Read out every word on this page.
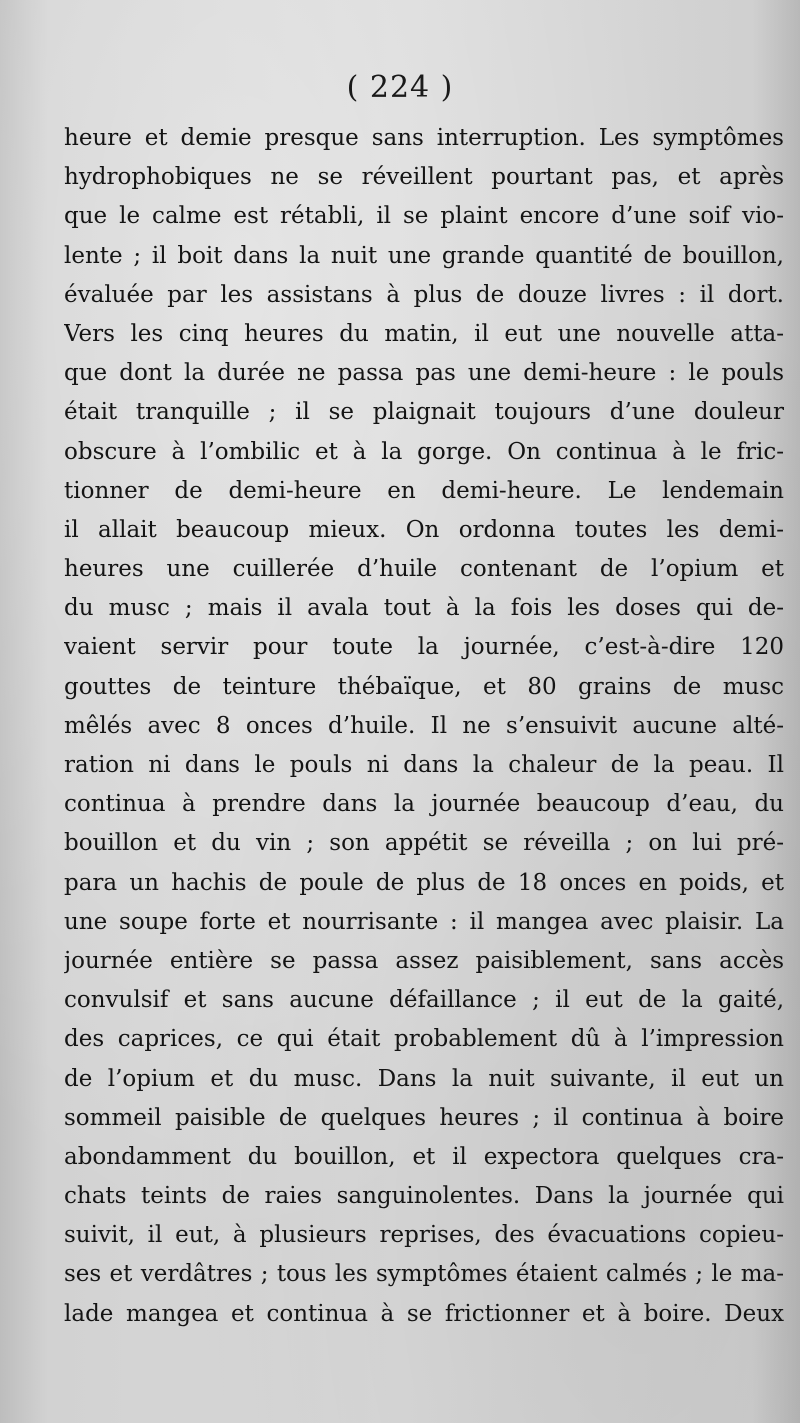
( 224 )
heure et demie presque sans interruption. Les symptômes
hydrophobiques ne se réveillent pourtant pas, et après
que le calme est rétabli, il se plaint encore d’une soif vio-
lente ; il boit dans la nuit une grande quantité de bouillon,
évaluée par les assistans à plus de douze livres : il dort.
Vers les cinq heures du matin, il eut une nouvelle atta-
que dont la durée ne passa pas une demi-heure : le pouls
était tranquille ; il se plaignait toujours d’une douleur
obscure à l’ombilic et à la gorge. On continua à le fric-
tionner de demi-heure en demi-heure. Le lendemain
il allait beaucoup mieux. On ordonna toutes les demi-
heures une cuillerée d’huile contenant de l’opium et
du musc ; mais il avala tout à la fois les doses qui de-
vaient servir pour toute la journée, c’est-à-dire 120
gouttes de teinture thébaïque, et 80 grains de musc
mêlés avec 8 onces d’huile. Il ne s’ensuivit aucune alté-
ration ni dans le pouls ni dans la chaleur de la peau. Il
continua à prendre dans la journée beaucoup d’eau, du
bouillon et du vin ; son appétit se réveilla ; on lui pré-
para un hachis de poule de plus de 18 onces en poids, et
une soupe forte et nourrisante : il mangea avec plaisir. La
journée entière se passa assez paisiblement, sans accès
convulsif et sans aucune défaillance ; il eut de la gaité,
des caprices, ce qui était probablement dû à l’impression
de l’opium et du musc. Dans la nuit suivante, il eut un
sommeil paisible de quelques heures ; il continua à boire
abondamment du bouillon, et il expectora quelques cra-
chats teints de raies sanguinolentes. Dans la journée qui
suivit, il eut, à plusieurs reprises, des évacuations copieu-
ses et verdâtres ; tous les symptômes étaient calmés ; le ma-
lade mangea et continua à se frictionner et à boire. Deux
